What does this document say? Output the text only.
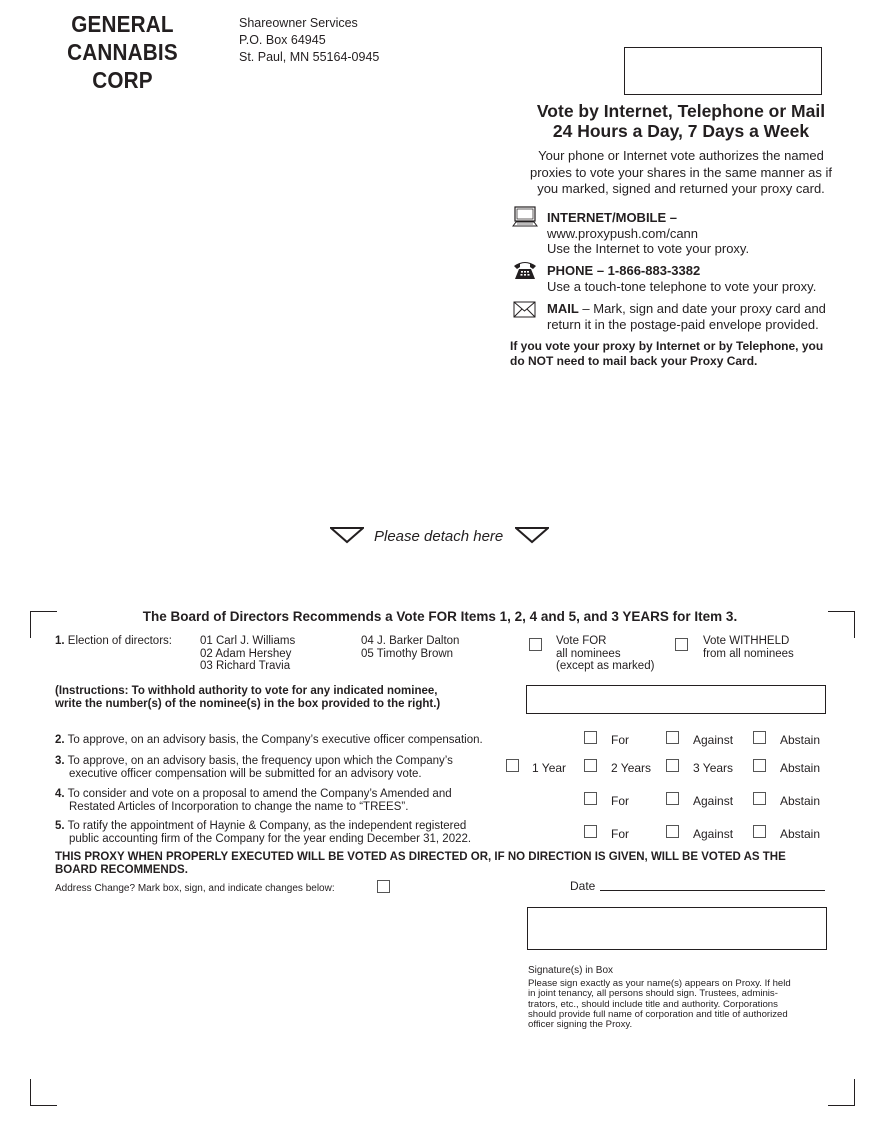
GENERAL
CANNABIS CORP
Shareowner Services
P.O. Box 64945
St. Paul, MN 55164-0945
Vote by Internet, Telephone or Mail
24 Hours a Day, 7 Days a Week
Your phone or Internet vote authorizes the named
proxies to vote your shares in the same manner as if
you marked, signed and returned your proxy card.
INTERNET/MOBILE –
www.proxypush.com/cann
Use the Internet to vote your proxy.
PHONE – 1-866-883-3382
Use a touch-tone telephone to vote your proxy.
MAIL – Mark, sign and date your proxy card and
return it in the postage-paid envelope provided.
If you vote your proxy by Internet or by Telephone, you
do NOT need to mail back your Proxy Card.
Please detach here
The Board of Directors Recommends a Vote FOR Items 1, 2, 4 and 5, and 3 YEARS for Item 3.
1. Election of directors: 01 Carl J. Williams
02 Adam Hershey
03 Richard Travia
04 J. Barker Dalton
05 Timothy Brown
Vote FOR
all nominees
(except as marked)
Vote WITHHELD
from all nominees
(Instructions: To withhold authority to vote for any indicated nominee,
write the number(s) of the nominee(s) in the box provided to the right.)
2. To approve, on an advisory basis, the Company’s executive officer compensation.	For	Against	Abstain
3. To approve, on an advisory basis, the frequency upon which the Company’s
executive officer compensation will be submitted for an advisory vote.	1 Year	2 Years	3 Years	Abstain
4. To consider and vote on a proposal to amend the Company’s Amended and
Restated Articles of Incorporation to change the name to “TREES”.	For	Against	Abstain
5. To ratify the appointment of Haynie & Company, as the independent registered
public accounting firm of the Company for the year ending December 31, 2022.	For	Against	Abstain
THIS PROXY WHEN PROPERLY EXECUTED WILL BE VOTED AS DIRECTED OR, IF NO DIRECTION IS GIVEN, WILL BE VOTED AS THE
BOARD RECOMMENDS.
Address Change? Mark box, sign, and indicate changes below:	Date
Signature(s) in Box
Please sign exactly as your name(s) appears on Proxy. If held
in joint tenancy, all persons should sign. Trustees, adminis-
trators, etc., should include title and authority. Corporations
should provide full name of corporation and title of authorized
officer signing the Proxy.
